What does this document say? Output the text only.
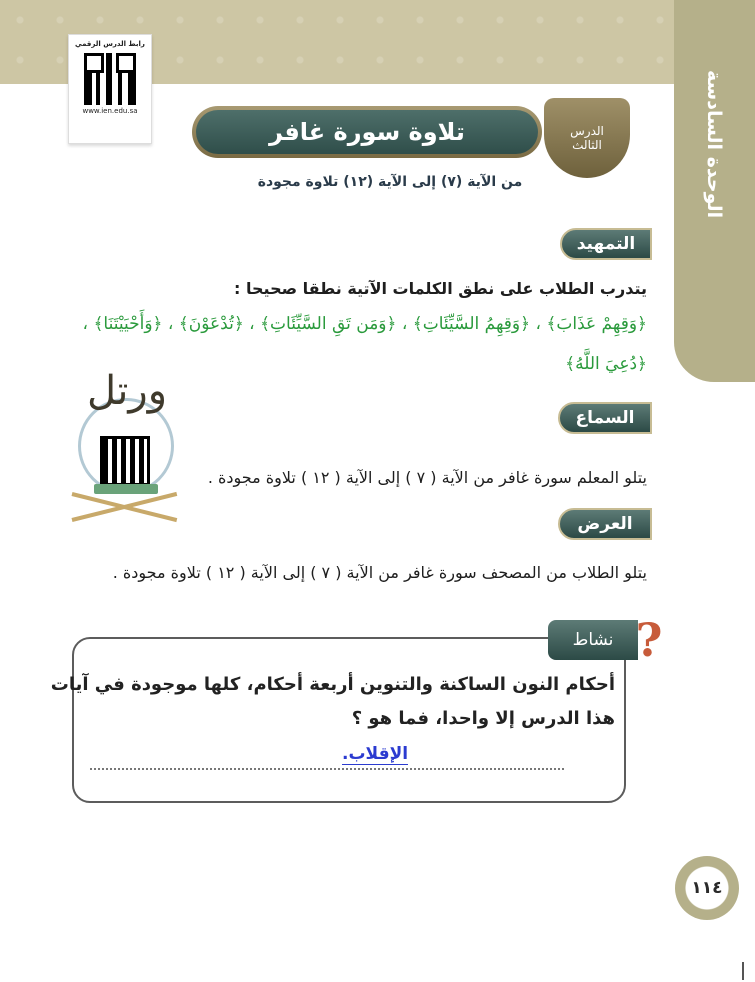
الوحدة السادسة
رابط الدرس الرقمي
www.ien.edu.sa
تلاوة سورة غافر	الدرس
الثالث
من الآية (٧) إلى الآية (١٢) تلاوة مجودة
التمهيد
يتدرب الطلاب على نطق الكلمات الآتية نطقا صحيحا :
﴿وَقِهِمْ عَذَابَ﴾ ، ﴿وَقِهِمُ السَّيِّئَاتِ﴾ ، ﴿وَمَن تَقِ السَّيِّئَاتِ﴾ ، ﴿تُدْعَوْنَ﴾ ، ﴿وَأَحْيَيْتَنَا﴾ ،
﴿دُعِيَ اللَّهُ﴾
ورتل
السماع
يتلو المعلم سورة غافر من الآية ( ٧ ) إلى الآية ( ١٢ ) تلاوة مجودة .
العرض
يتلو الطلاب من المصحف سورة غافر من الآية ( ٧ ) إلى الآية ( ١٢ ) تلاوة مجودة .
نشاط ?
أحكام النون الساكنة والتنوين أربعة أحكام، كلها موجودة في آيات
هذا الدرس إلا واحدا، فما هو ؟
الإقلاب.
١١٤
